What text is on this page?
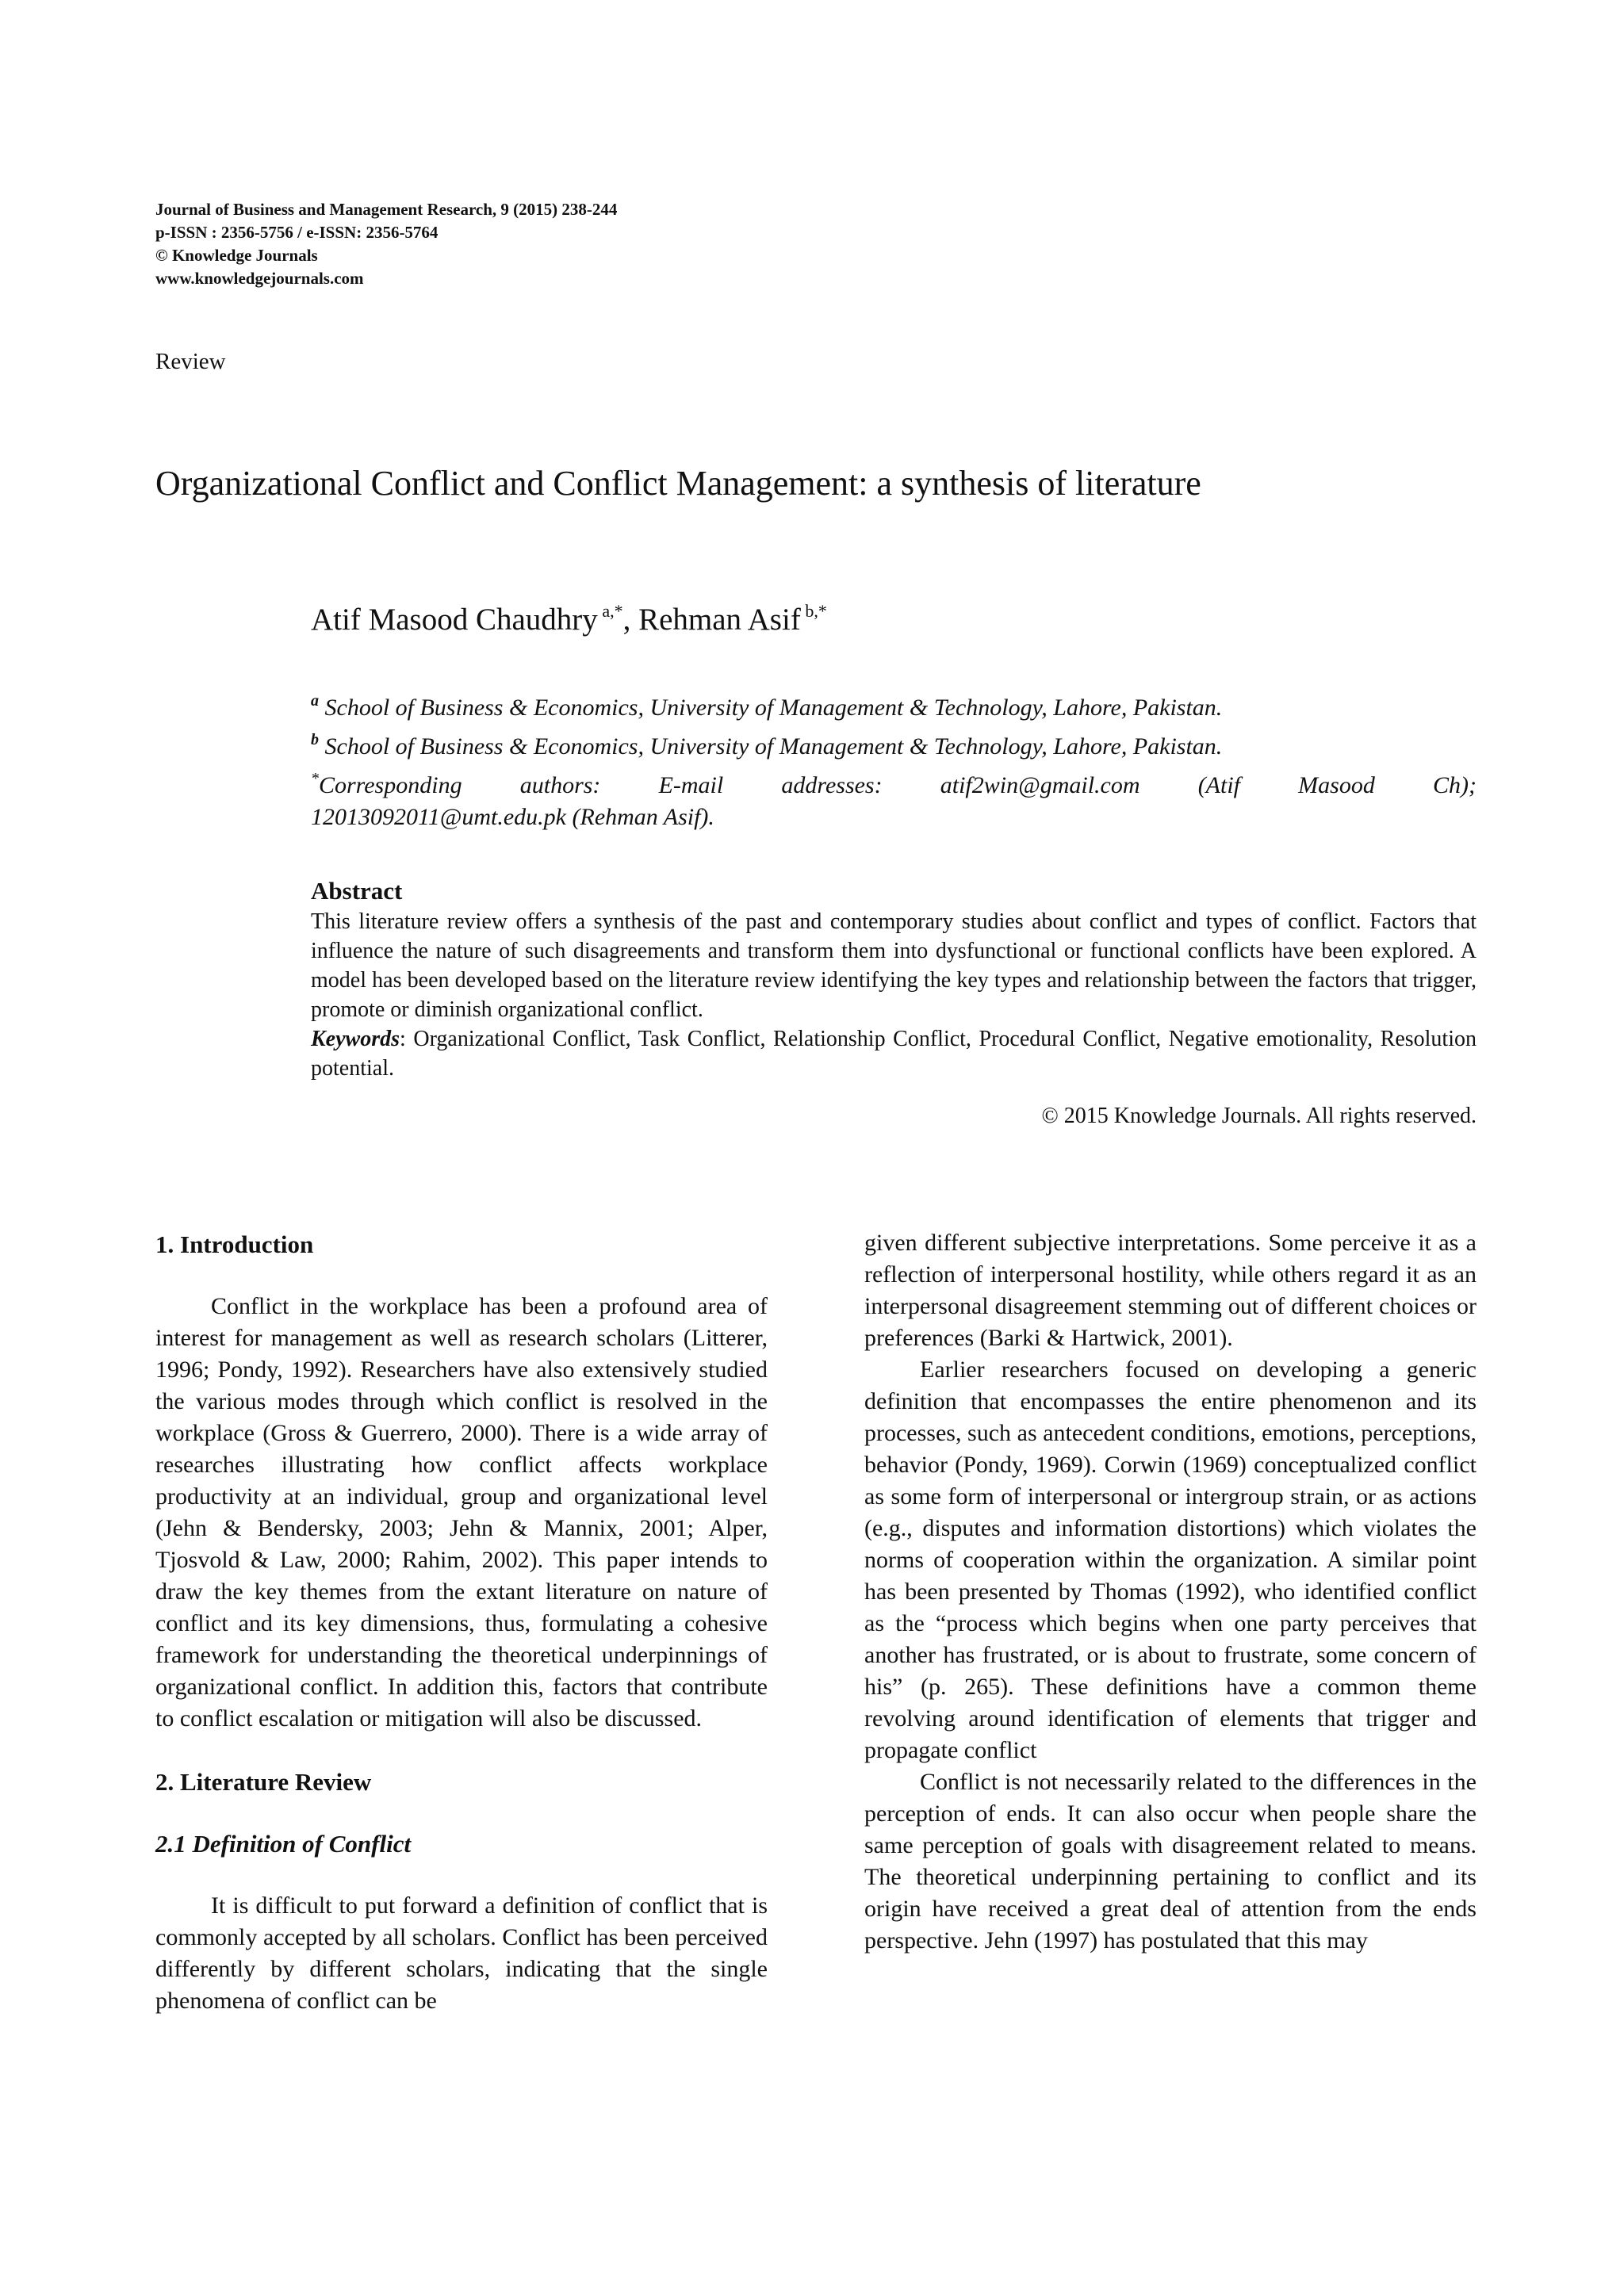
Journal of Business and Management Research, 9 (2015) 238-244
p-ISSN : 2356-5756 / e-ISSN: 2356-5764
© Knowledge Journals
www.knowledgejournals.com
Review
Organizational Conflict and Conflict Management: a synthesis of literature
Atif Masood Chaudhry $^{a,*}$, Rehman Asif $^{b,*}$
$^a$ School of Business & Economics, University of Management & Technology, Lahore, Pakistan.
$^b$ School of Business & Economics, University of Management & Technology, Lahore, Pakistan.
*Corresponding authors: E-mail addresses: atif2win@gmail.com (Atif Masood Ch);
12013092011@umt.edu.pk (Rehman Asif).
Abstract
This literature review offers a synthesis of the past and contemporary studies about conflict and types of conflict. Factors that influence the nature of such disagreements and transform them into dysfunctional or functional conflicts have been explored. A model has been developed based on the literature review identifying the key types and relationship between the factors that trigger, promote or diminish organizational conflict.
Keywords: Organizational Conflict, Task Conflict, Relationship Conflict, Procedural Conflict, Negative emotionality, Resolution potential.
© 2015 Knowledge Journals. All rights reserved.

1. Introduction

Conflict in the workplace has been a profound area of interest for management as well as research scholars (Litterer, 1996; Pondy, 1992). Researchers have also extensively studied the various modes through which conflict is resolved in the workplace (Gross & Guerrero, 2000). There is a wide array of researches illustrating how conflict affects workplace productivity at an individual, group and organizational level (Jehn & Bendersky, 2003; Jehn & Mannix, 2001; Alper, Tjosvold & Law, 2000; Rahim, 2002). This paper intends to draw the key themes from the extant literature on nature of conflict and its key dimensions, thus, formulating a cohesive framework for understanding the theoretical underpinnings of organizational conflict. In addition this, factors that contribute to conflict escalation or mitigation will also be discussed.

2. Literature Review

2.1 Definition of Conflict

It is difficult to put forward a definition of conflict that is commonly accepted by all scholars. Conflict has been perceived differently by different scholars, indicating that the single phenomena of conflict can be

given different subjective interpretations. Some perceive it as a reflection of interpersonal hostility, while others regard it as an interpersonal disagreement stemming out of different choices or preferences (Barki & Hartwick, 2001).

Earlier researchers focused on developing a generic definition that encompasses the entire phenomenon and its processes, such as antecedent conditions, emotions, perceptions, behavior (Pondy, 1969). Corwin (1969) conceptualized conflict as some form of interpersonal or intergroup strain, or as actions (e.g., disputes and information distortions) which violates the norms of cooperation within the organization. A similar point has been presented by Thomas (1992), who identified conflict as the “process which begins when one party perceives that another has frustrated, or is about to frustrate, some concern of his” (p. 265). These definitions have a common theme revolving around identification of elements that trigger and propagate conflict

Conflict is not necessarily related to the differences in the perception of ends. It can also occur when people share the same perception of goals with disagreement related to means. The theoretical underpinning pertaining to conflict and its origin have received a great deal of attention from the ends perspective. Jehn (1997) has postulated that this may
